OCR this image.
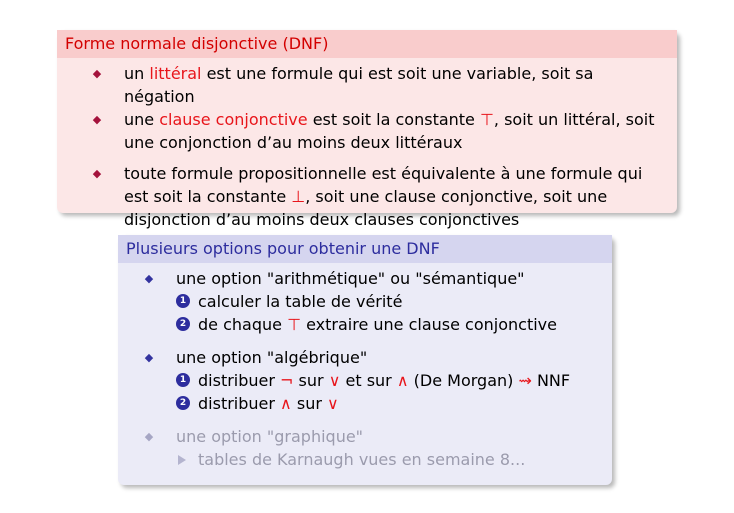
Forme normale disjonctive (DNF)
◆ un littéral est une formule qui est soit une variable, soit sa négation
◆ une clause conjonctive est soit la constante ⊤, soit un littéral, soit une conjonction d’au moins deux littéraux
◆ toute formule propositionnelle est équivalente à une formule qui est soit la constante ⊥, soit une clause conjonctive, soit une disjonction d’au moins deux clauses conjonctives
Plusieurs options pour obtenir une DNF
◆ une option "arithmétique" ou "sémantique"
1 calculer la table de vérité
2 de chaque ⊤ extraire une clause conjonctive
◆ une option "algébrique"
1 distribuer ¬ sur ∨ et sur ∧ (De Morgan) ⇝ NNF
2 distribuer ∧ sur ∨
◆ une option "graphique"
tables de Karnaugh vues en semaine 8...
